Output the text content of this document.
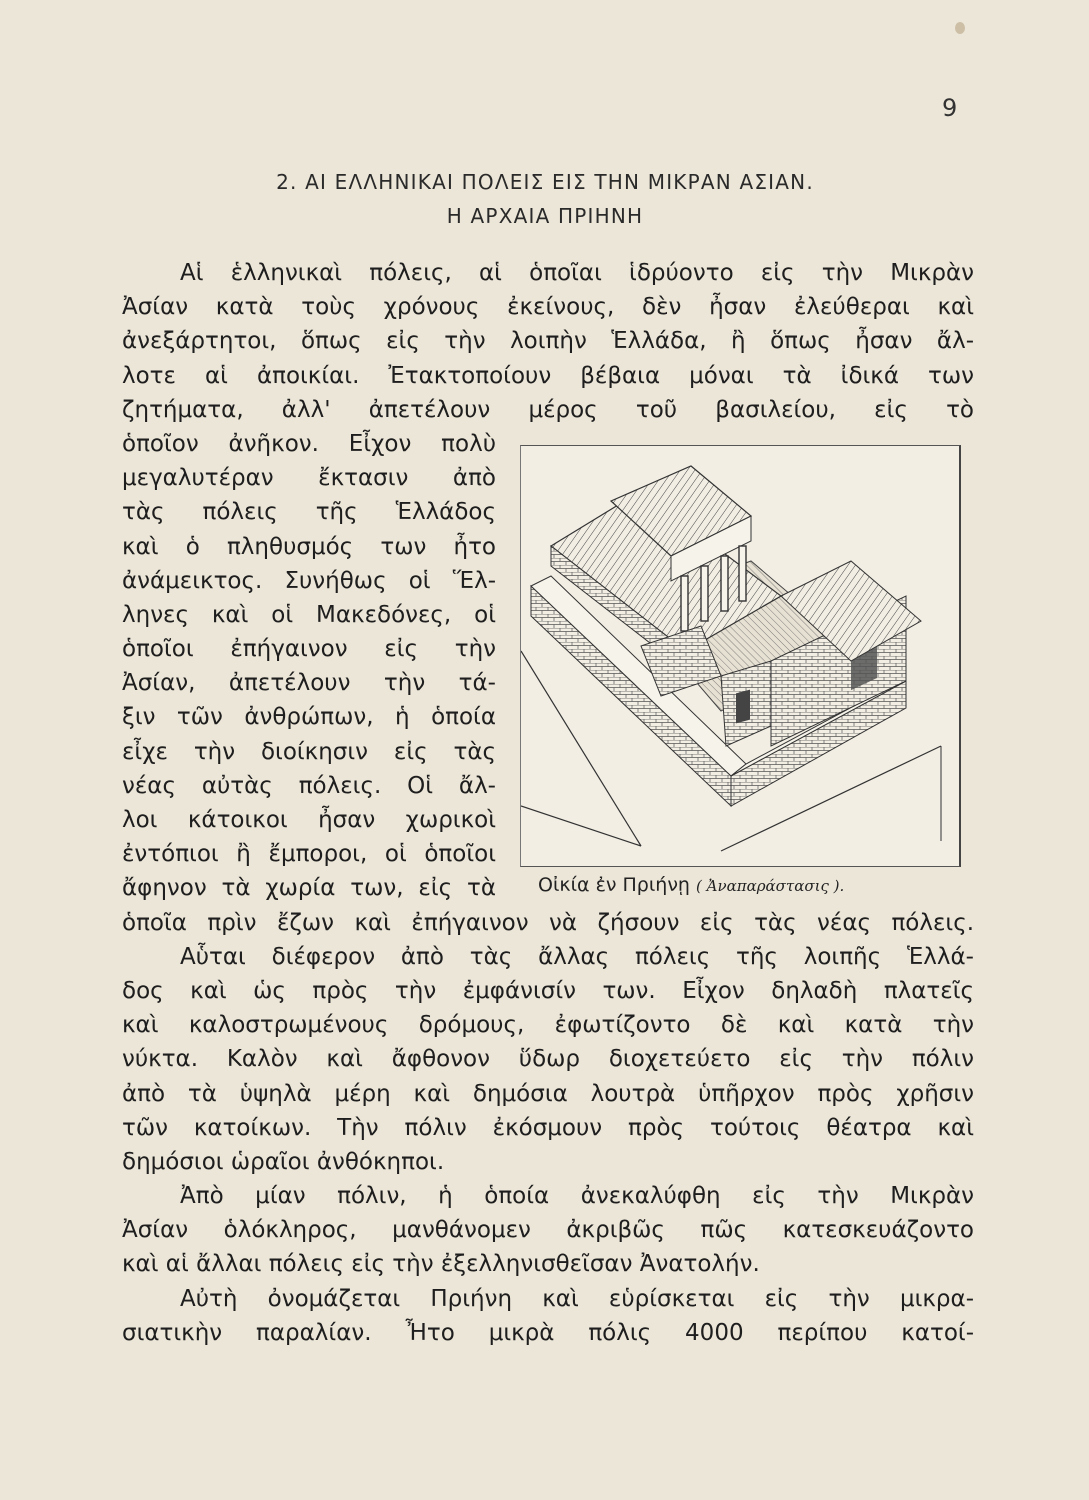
9
2. ΑΙ ΕΛΛΗΝΙΚΑΙ ΠΟΛΕΙΣ ΕΙΣ ΤΗΝ ΜΙΚΡΑΝ ΑΣΙΑΝ.
Η ΑΡΧΑΙΑ ΠΡΙΗΝΗ
Αἱ ἑλληνικαὶ πόλεις, αἱ ὁποῖαι ἱδρύοντο εἰς τὴν Μικρὰν
Ἀσίαν κατὰ τοὺς χρόνους ἐκείνους, δὲν ἦσαν ἐλεύθεραι καὶ
ἀνεξάρτητοι, ὅπως εἰς τὴν λοιπὴν Ἑλλάδα, ἢ ὅπως ἦσαν ἄλ-
λοτε αἱ ἀποικίαι. Ἐτακτοποίουν βέβαια μόναι τὰ ἰδικά των
ζητήματα, ἀλλ' ἀπετέλουν μέρος τοῦ βασιλείου, εἰς τὸ
ὁποῖον ἀνῆκον. Εἶχον πολὺ
μεγαλυτέραν ἔκτασιν ἀπὸ
τὰς πόλεις τῆς Ἑλλάδος
καὶ ὁ πληθυσμός των ἦτο
ἀνάμεικτος. Συνήθως οἱ Ἕλ-
ληνες καὶ οἱ Μακεδόνες, οἱ
ὁποῖοι ἐπήγαινον εἰς τὴν
Ἀσίαν, ἀπετέλουν τὴν τά-
ξιν τῶν ἀνθρώπων, ἡ ὁποία
εἶχε τὴν διοίκησιν εἰς τὰς
νέας αὐτὰς πόλεις. Οἱ ἄλ-
λοι κάτοικοι ἦσαν χωρικοὶ
ἐντόπιοι ἢ ἔμποροι, οἱ ὁποῖοι
ἄφηνον τὰ χωρία των, εἰς τὰ
ὁποῖα πρὶν ἔζων καὶ ἐπήγαινον νὰ ζήσουν εἰς τὰς νέας πόλεις.
Αὗται διέφερον ἀπὸ τὰς ἄλλας πόλεις τῆς λοιπῆς Ἑλλά-
δος καὶ ὡς πρὸς τὴν ἐμφάνισίν των. Εἶχον δηλαδὴ πλατεῖς
καὶ καλοστρωμένους δρόμους, ἐφωτίζοντο δὲ καὶ κατὰ τὴν
νύκτα. Καλὸν καὶ ἄφθονον ὕδωρ διοχετεύετο εἰς τὴν πόλιν
ἀπὸ τὰ ὑψηλὰ μέρη καὶ δημόσια λουτρὰ ὑπῆρχον πρὸς χρῆσιν
τῶν κατοίκων. Τὴν πόλιν ἐκόσμουν πρὸς τούτοις θέατρα καὶ
δημόσιοι ὡραῖοι ἀνθόκηποι.
Ἀπὸ μίαν πόλιν, ἡ ὁποία ἀνεκαλύφθη εἰς τὴν Μικρὰν
Ἀσίαν ὁλόκληρος, μανθάνομεν ἀκριβῶς πῶς κατεσκευάζοντο
καὶ αἱ ἄλλαι πόλεις εἰς τὴν ἐξελληνισθεῖσαν Ἀνατολήν.
Αὐτὴ ὀνομάζεται Πριήνη καὶ εὑρίσκεται εἰς τὴν μικρα-
σιατικὴν παραλίαν. Ἦτο μικρὰ πόλις 4000 περίπου κατοί-
Οἰκία ἐν Πριήνῃ ( Ἀναπαράστασις ).
